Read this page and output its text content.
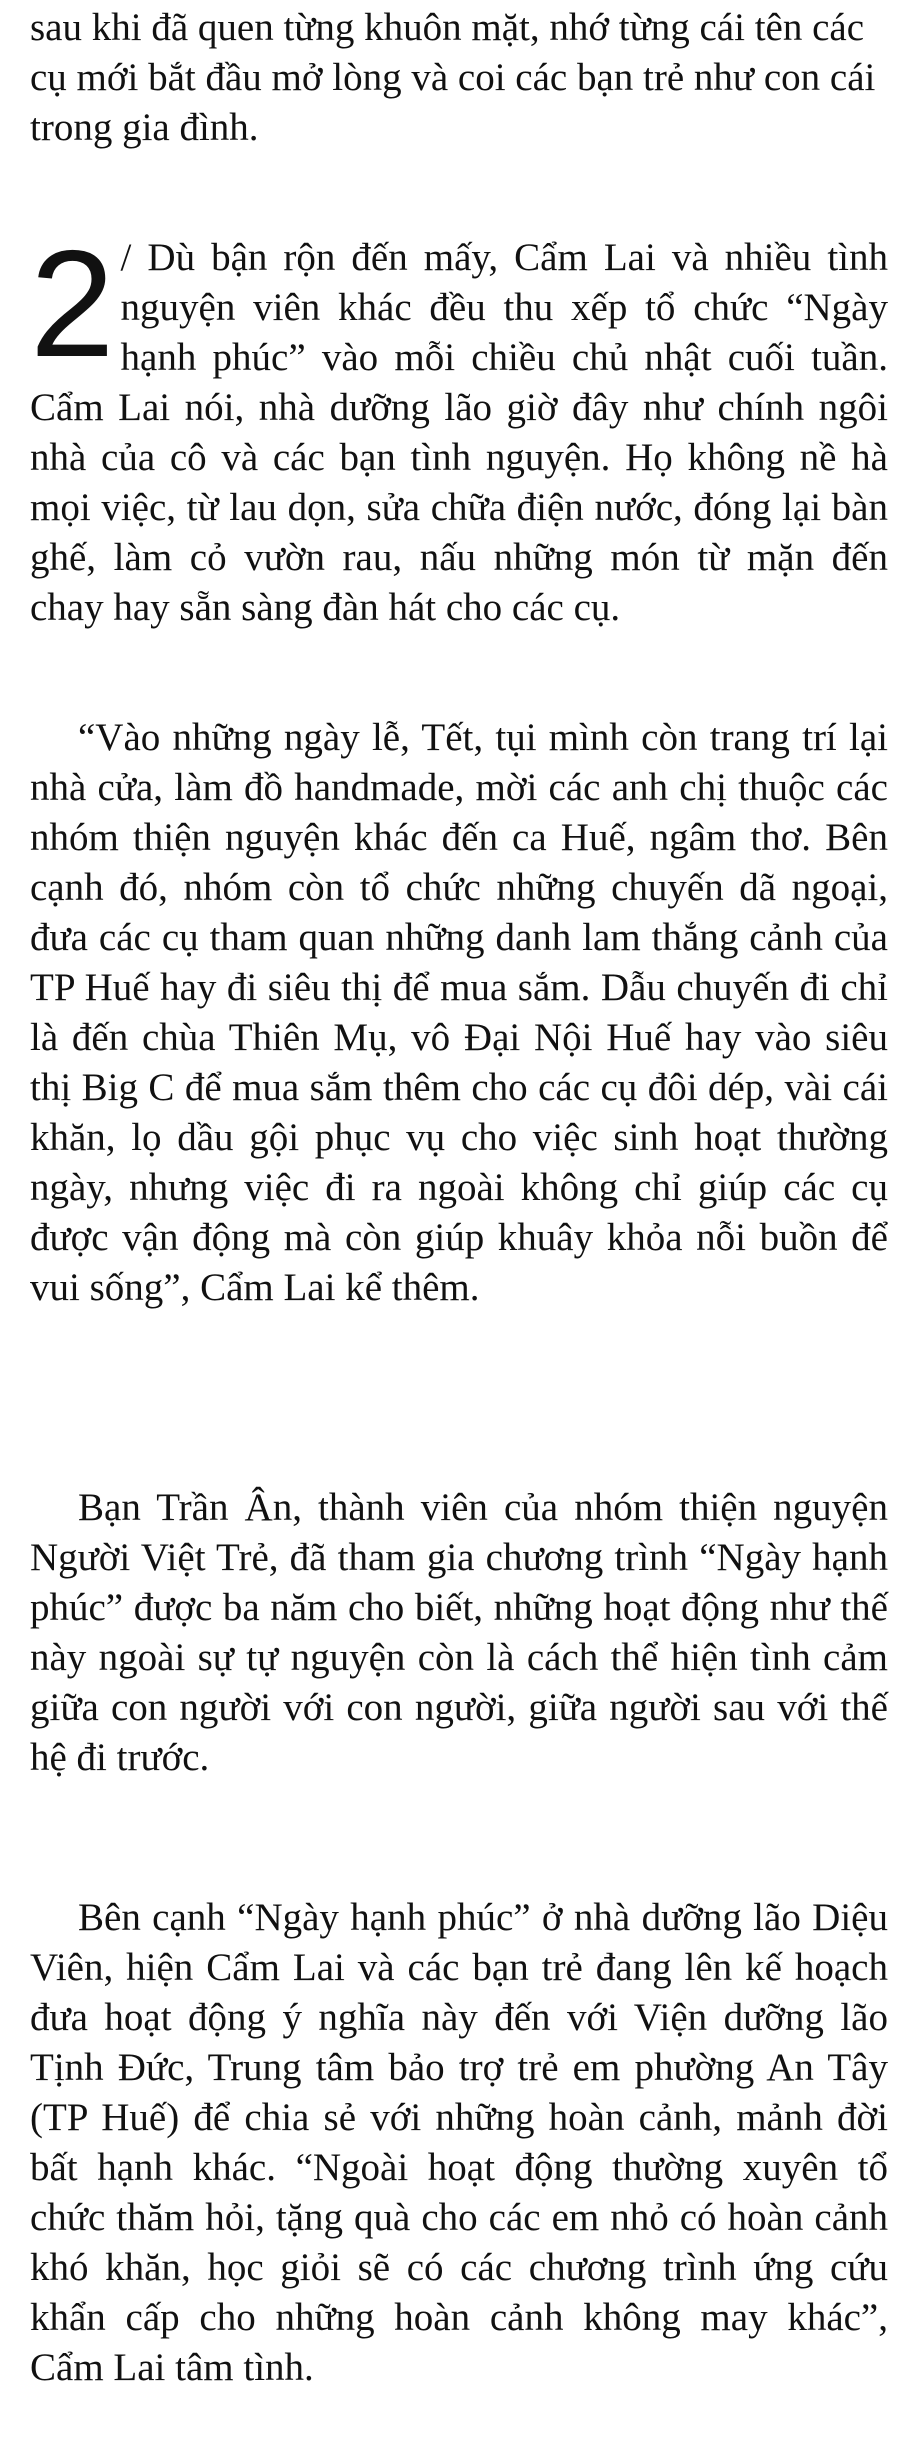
sau khi đã quen từng khuôn mặt, nhớ từng cái tên các cụ mới bắt đầu mở lòng và coi các bạn trẻ như con cái trong gia đình.

2 / Dù bận rộn đến mấy, Cẩm Lai và nhiều tình nguyện viên khác đều thu xếp tổ chức “Ngày hạnh phúc” vào mỗi chiều chủ nhật cuối tuần. Cẩm Lai nói, nhà dưỡng lão giờ đây như chính ngôi nhà của cô và các bạn tình nguyện. Họ không nề hà mọi việc, từ lau dọn, sửa chữa điện nước, đóng lại bàn ghế, làm cỏ vườn rau, nấu những món từ mặn đến chay hay sẵn sàng đàn hát cho các cụ.

“Vào những ngày lễ, Tết, tụi mình còn trang trí lại nhà cửa, làm đồ handmade, mời các anh chị thuộc các nhóm thiện nguyện khác đến ca Huế, ngâm thơ. Bên cạnh đó, nhóm còn tổ chức những chuyến dã ngoại, đưa các cụ tham quan những danh lam thắng cảnh của TP Huế hay đi siêu thị để mua sắm. Dẫu chuyến đi chỉ là đến chùa Thiên Mụ, vô Đại Nội Huế hay vào siêu thị Big C để mua sắm thêm cho các cụ đôi dép, vài cái khăn, lọ dầu gội phục vụ cho việc sinh hoạt thường ngày, nhưng việc đi ra ngoài không chỉ giúp các cụ được vận động mà còn giúp khuây khỏa nỗi buồn để vui sống”, Cẩm Lai kể thêm.

Bạn Trần Ân, thành viên của nhóm thiện nguyện Người Việt Trẻ, đã tham gia chương trình “Ngày hạnh phúc” được ba năm cho biết, những hoạt động như thế này ngoài sự tự nguyện còn là cách thể hiện tình cảm giữa con người với con người, giữa người sau với thế hệ đi trước.

Bên cạnh “Ngày hạnh phúc” ở nhà dưỡng lão Diệu Viên, hiện Cẩm Lai và các bạn trẻ đang lên kế hoạch đưa hoạt động ý nghĩa này đến với Viện dưỡng lão Tịnh Đức, Trung tâm bảo trợ trẻ em phường An Tây (TP Huế) để chia sẻ với những hoàn cảnh, mảnh đời bất hạnh khác. “Ngoài hoạt động thường xuyên tổ chức thăm hỏi, tặng quà cho các em nhỏ có hoàn cảnh khó khăn, học giỏi sẽ có các chương trình ứng cứu khẩn cấp cho những hoàn cảnh không may khác”, Cẩm Lai tâm tình.
